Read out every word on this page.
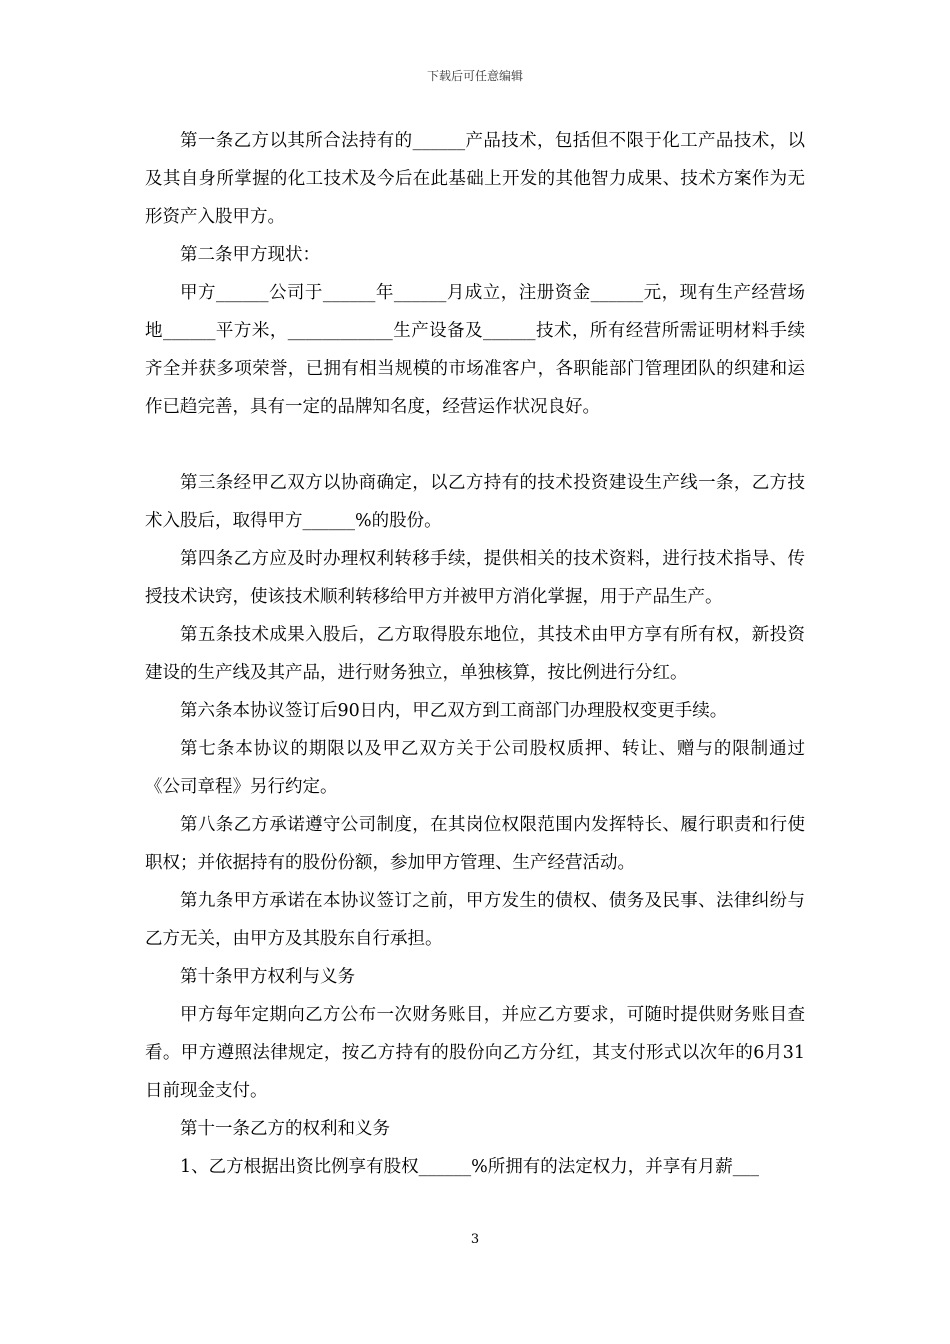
下载后可任意编辑

第一条乙方以其所合法持有的______产品技术，包括但不限于化工产品技术，以及其自身所掌握的化工技术及今后在此基础上开发的其他智力成果、技术方案作为无形资产入股甲方。

第二条甲方现状：

甲方______公司于______年______月成立，注册资金______元，现有生产经营场地______平方米，____________生产设备及______技术，所有经营所需证明材料手续齐全并获多项荣誉，已拥有相当规模的市场准客户，各职能部门管理团队的织建和运作已趋完善，具有一定的品牌知名度，经营运作状况良好。

第三条经甲乙双方以协商确定，以乙方持有的技术投资建设生产线一条，乙方技术入股后，取得甲方______%的股份。

第四条乙方应及时办理权利转移手续，提供相关的技术资料，进行技术指导、传授技术诀窍，使该技术顺利转移给甲方并被甲方消化掌握，用于产品生产。

第五条技术成果入股后，乙方取得股东地位，其技术由甲方享有所有权，新投资建设的生产线及其产品，进行财务独立，单独核算，按比例进行分红。

第六条本协议签订后90日内，甲乙双方到工商部门办理股权变更手续。

第七条本协议的期限以及甲乙双方关于公司股权质押、转让、赠与的限制通过《公司章程》另行约定。

第八条乙方承诺遵守公司制度，在其岗位权限范围内发挥特长、履行职责和行使职权；并依据持有的股份份额，参加甲方管理、生产经营活动。

第九条甲方承诺在本协议签订之前，甲方发生的债权、债务及民事、法律纠纷与乙方无关，由甲方及其股东自行承担。

第十条甲方权利与义务

甲方每年定期向乙方公布一次财务账目，并应乙方要求，可随时提供财务账目查看。甲方遵照法律规定，按乙方持有的股份向乙方分红，其支付形式以次年的6月31日前现金支付。

第十一条乙方的权利和义务

1、乙方根据出资比例享有股权______%所拥有的法定权力，并享有月薪___

3
